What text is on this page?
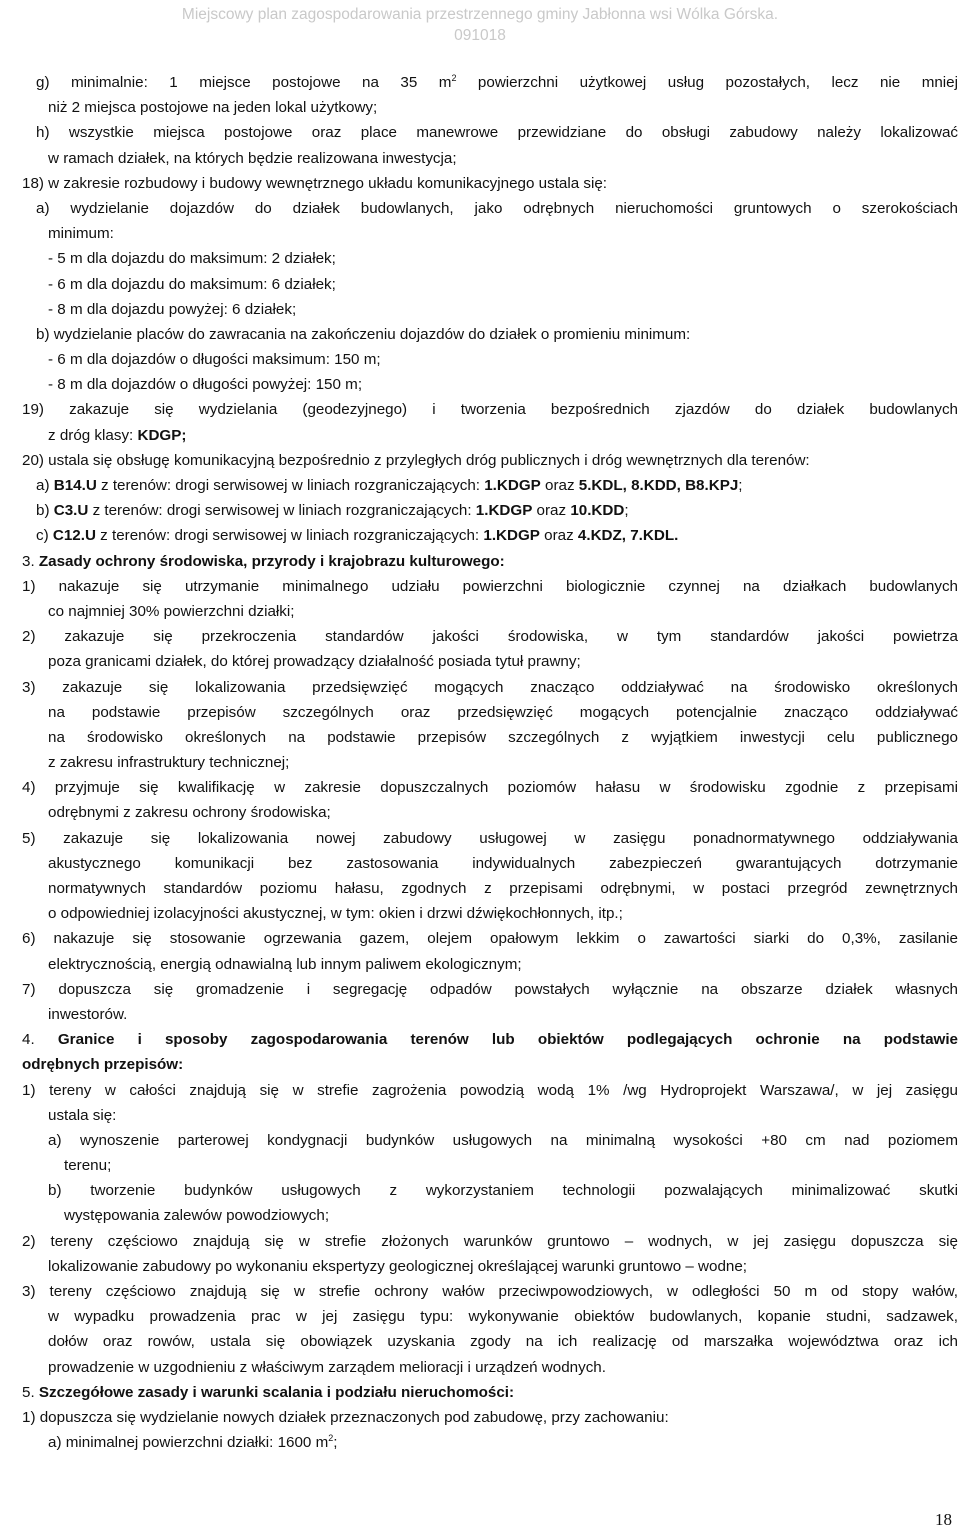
Miejscowy plan zagospodarowania przestrzennego gminy Jabłonna wsi Wólka Górska.
091018
g) minimalnie: 1 miejsce postojowe na 35 $m^2$ powierzchni użytkowej usług pozostałych, lecz nie mniej
niż 2 miejsca postojowe na jeden lokal użytkowy;
h) wszystkie miejsca postojowe oraz place manewrowe przewidziane do obsługi zabudowy należy lokalizować
w ramach działek, na których będzie realizowana inwestycja;
18) w zakresie rozbudowy i budowy wewnętrznego układu komunikacyjnego ustala się:
a) wydzielanie dojazdów do działek budowlanych, jako odrębnych nieruchomości gruntowych o szerokościach
minimum:
- 5 m dla dojazdu do maksimum: 2 działek;
- 6 m dla dojazdu do maksimum: 6 działek;
- 8 m dla dojazdu powyżej: 6 działek;
b) wydzielanie placów do zawracania na zakończeniu dojazdów do działek o promieniu minimum:
- 6 m dla dojazdów o długości maksimum: 150 m;
- 8 m dla dojazdów o długości powyżej: 150 m;
19) zakazuje się wydzielania (geodezyjnego) i tworzenia bezpośrednich zjazdów do działek budowlanych
z dróg klasy: KDGP;
20) ustala się obsługę komunikacyjną bezpośrednio z przyległych dróg publicznych i dróg wewnętrznych dla terenów:
a) B14.U z terenów: drogi serwisowej w liniach rozgraniczających: 1.KDGP oraz 5.KDL, 8.KDD, B8.KPJ;
b) C3.U z terenów: drogi serwisowej w liniach rozgraniczających: 1.KDGP oraz 10.KDD;
c) C12.U z terenów: drogi serwisowej w liniach rozgraniczających: 1.KDGP oraz 4.KDZ, 7.KDL.
3. Zasady ochrony środowiska, przyrody i krajobrazu kulturowego:
1) nakazuje się utrzymanie minimalnego udziału powierzchni biologicznie czynnej na działkach budowlanych
co najmniej 30% powierzchni działki;
2) zakazuje się przekroczenia standardów jakości środowiska, w tym standardów jakości powietrza
poza granicami działek, do której prowadzący działalność posiada tytuł prawny;
3) zakazuje się lokalizowania przedsięwzięć mogących znacząco oddziaływać na środowisko określonych
na podstawie przepisów szczególnych oraz przedsięwzięć mogących potencjalnie znacząco oddziaływać
na środowisko określonych na podstawie przepisów szczególnych z wyjątkiem inwestycji celu publicznego
z zakresu infrastruktury technicznej;
4) przyjmuje się kwalifikację w zakresie dopuszczalnych poziomów hałasu w środowisku zgodnie z przepisami
odrębnymi z zakresu ochrony środowiska;
5) zakazuje się lokalizowania nowej zabudowy usługowej w zasięgu ponadnormatywnego oddziaływania
akustycznego komunikacji bez zastosowania indywidualnych zabezpieczeń gwarantujących dotrzymanie
normatywnych standardów poziomu hałasu, zgodnych z przepisami odrębnymi, w postaci przegród zewnętrznych
o odpowiedniej izolacyjności akustycznej, w tym: okien i drzwi dźwiękochłonnych, itp.;
6) nakazuje się stosowanie ogrzewania gazem, olejem opałowym lekkim o zawartości siarki do 0,3%, zasilanie
elektrycznością, energią odnawialną lub innym paliwem ekologicznym;
7) dopuszcza się gromadzenie i segregację odpadów powstałych wyłącznie na obszarze działek własnych
inwestorów.
4. Granice i sposoby zagospodarowania terenów lub obiektów podlegających ochronie na podstawie
odrębnych przepisów:
1) tereny w całości znajdują się w strefie zagrożenia powodzią wodą 1% /wg Hydroprojekt Warszawa/, w jej zasięgu
ustala się:
a) wynoszenie parterowej kondygnacji budynków usługowych na minimalną wysokości +80 cm nad poziomem
terenu;
b) tworzenie budynków usługowych z wykorzystaniem technologii pozwalających minimalizować skutki
występowania zalewów powodziowych;
2) tereny częściowo znajdują się w strefie złożonych warunków gruntowo – wodnych, w jej zasięgu dopuszcza się
lokalizowanie zabudowy po wykonaniu ekspertyzy geologicznej określającej warunki gruntowo – wodne;
3) tereny częściowo znajdują się w strefie ochrony wałów przeciwpowodziowych, w odległości 50 m od stopy wałów,
w wypadku prowadzenia prac w jej zasięgu typu: wykonywanie obiektów budowlanych, kopanie studni, sadzawek,
dołów oraz rowów, ustala się obowiązek uzyskania zgody na ich realizację od marszałka województwa oraz ich
prowadzenie w uzgodnieniu z właściwym zarządem melioracji i urządzeń wodnych.
5. Szczegółowe zasady i warunki scalania i podziału nieruchomości:
1) dopuszcza się wydzielanie nowych działek przeznaczonych pod zabudowę, przy zachowaniu:
a) minimalnej powierzchni działki: 1600 $m^2$;
18
